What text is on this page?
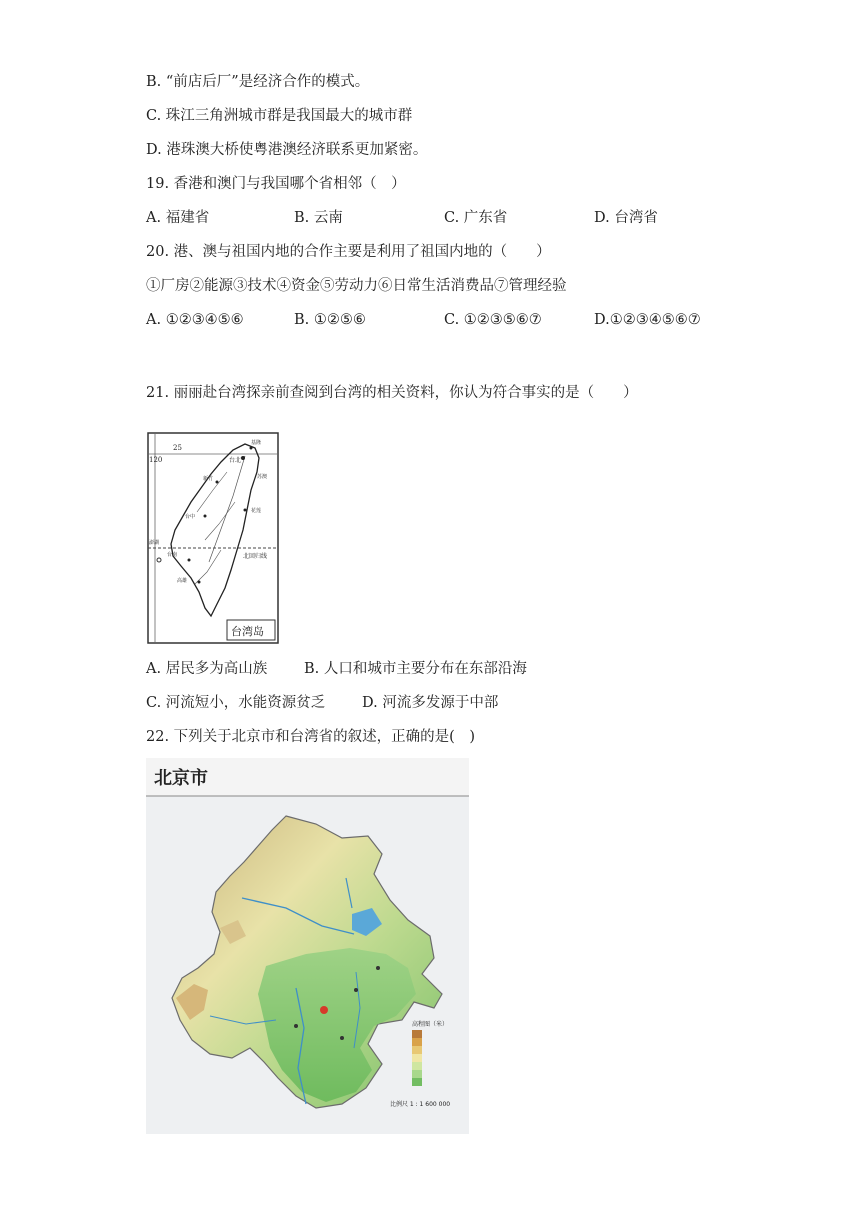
B. “前店后厂”是经济合作的模式。
C. 珠江三角洲城市群是我国最大的城市群
D. 港珠澳大桥使粤港澳经济联系更加紧密。
19. 香港和澳门与我国哪个省相邻（　）
A. 福建省	B. 云南	C. 广东省	D. 台湾省
20. 港、澳与祖国内地的合作主要是利用了祖国内地的（　　）
①厂房②能源③技术④资金⑤劳动力⑥日常生活消费品⑦管理经验
A. ①②③④⑤⑥	B. ①②⑤⑥	C. ①②③⑤⑥⑦	D.①②③④⑤⑥⑦
21. 丽丽赴台湾探亲前查阅到台湾的相关资料，你认为符合事实的是（　　）
120
25
北回归线
台北
基隆
新竹	苏澳
台中
花莲
台南
高雄
澎湖
台湾岛
A. 居民多为高山族	B. 人口和城市主要分布在东部沿海
C. 河流短小，水能资源贫乏	D. 河流多发源于中部
22. 下列关于北京市和台湾省的叙述，正确的是(　)
北京市
高程图（米）
比例尺 1 : 1 600 000
